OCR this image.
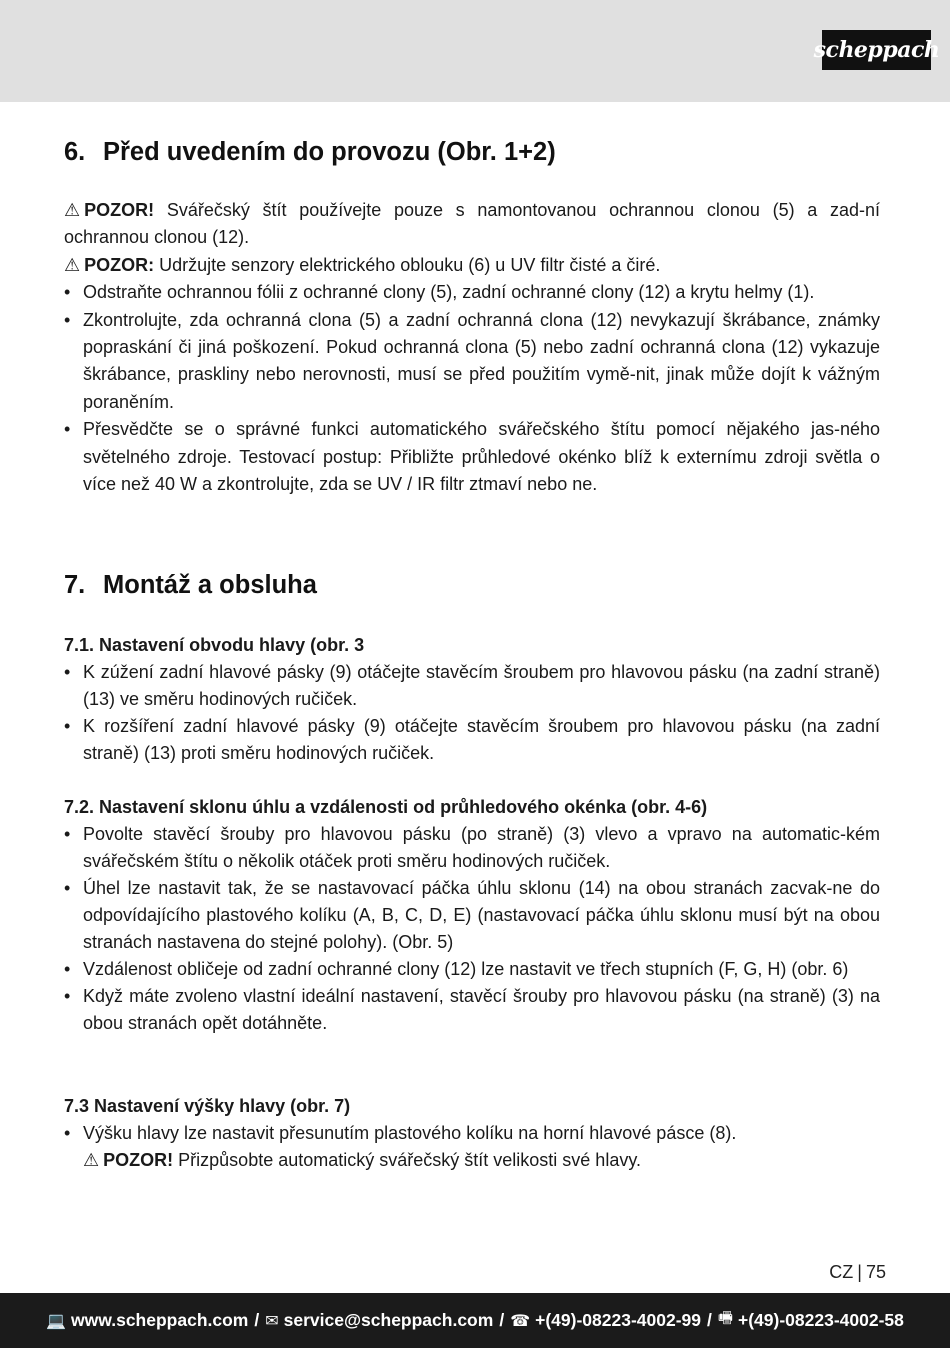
scheppach
6. Před uvedením do provozu (Obr. 1+2)

⚠ POZOR! Svářečský štít používejte pouze s namontovanou ochrannou clonou (5) a zad-ní ochrannou clonou (12).

⚠ POZOR: Udržujte senzory elektrického oblouku (6) u UV filtr čisté a čiré.

• Odstraňte ochrannou fólii z ochranné clony (5), zadní ochranné clony (12) a krytu helmy (1).

• Zkontrolujte, zda ochranná clona (5) a zadní ochranná clona (12) nevykazují škrábance, známky popraskání či jiná poškození. Pokud ochranná clona (5) nebo zadní ochranná clona (12) vykazuje škrábance, praskliny nebo nerovnosti, musí se před použitím vymě-nit, jinak může dojít k vážným poraněním.

• Přesvědčte se o správné funkci automatického svářečského štítu pomocí nějakého jas-ného světelného zdroje. Testovací postup: Přibližte průhledové okénko blíž k externímu zdroji světla o více než 40 W a zkontrolujte, zda se UV / IR filtr ztmaví nebo ne.

7. Montáž a obsluha

7.1. Nastavení obvodu hlavy (obr. 3

• K zúžení zadní hlavové pásky (9) otáčejte stavěcím šroubem pro hlavovou pásku (na zadní straně) (13) ve směru hodinových ručiček.

• K rozšíření zadní hlavové pásky (9) otáčejte stavěcím šroubem pro hlavovou pásku (na zadní straně) (13) proti směru hodinových ručiček.

7.2. Nastavení sklonu úhlu a vzdálenosti od průhledového okénka (obr. 4-6)

• Povolte stavěcí šrouby pro hlavovou pásku (po straně) (3) vlevo a vpravo na automatic-kém svářečském štítu o několik otáček proti směru hodinových ručiček.

• Úhel lze nastavit tak, že se nastavovací páčka úhlu sklonu (14) na obou stranách zacvak-ne do odpovídajícího plastového kolíku (A, B, C, D, E) (nastavovací páčka úhlu sklonu musí být na obou stranách nastavena do stejné polohy). (Obr. 5)

• Vzdálenost obličeje od zadní ochranné clony (12) lze nastavit ve třech stupních (F, G, H) (obr. 6)

• Když máte zvoleno vlastní ideální nastavení, stavěcí šrouby pro hlavovou pásku (na straně) (3) na obou stranách opět dotáhněte.

7.3 Nastavení výšky hlavy (obr. 7)

• Výšku hlavy lze nastavit přesunutím plastového kolíku na horní hlavové pásce (8).
⚠ POZOR! Přizpůsobte automatický svářečský štít velikosti své hlavy.

CZ | 75
💻 www.scheppach.com / ✉ service@scheppach.com / ☎ +(49)-08223-4002-99 / 🖷 +(49)-08223-4002-58
